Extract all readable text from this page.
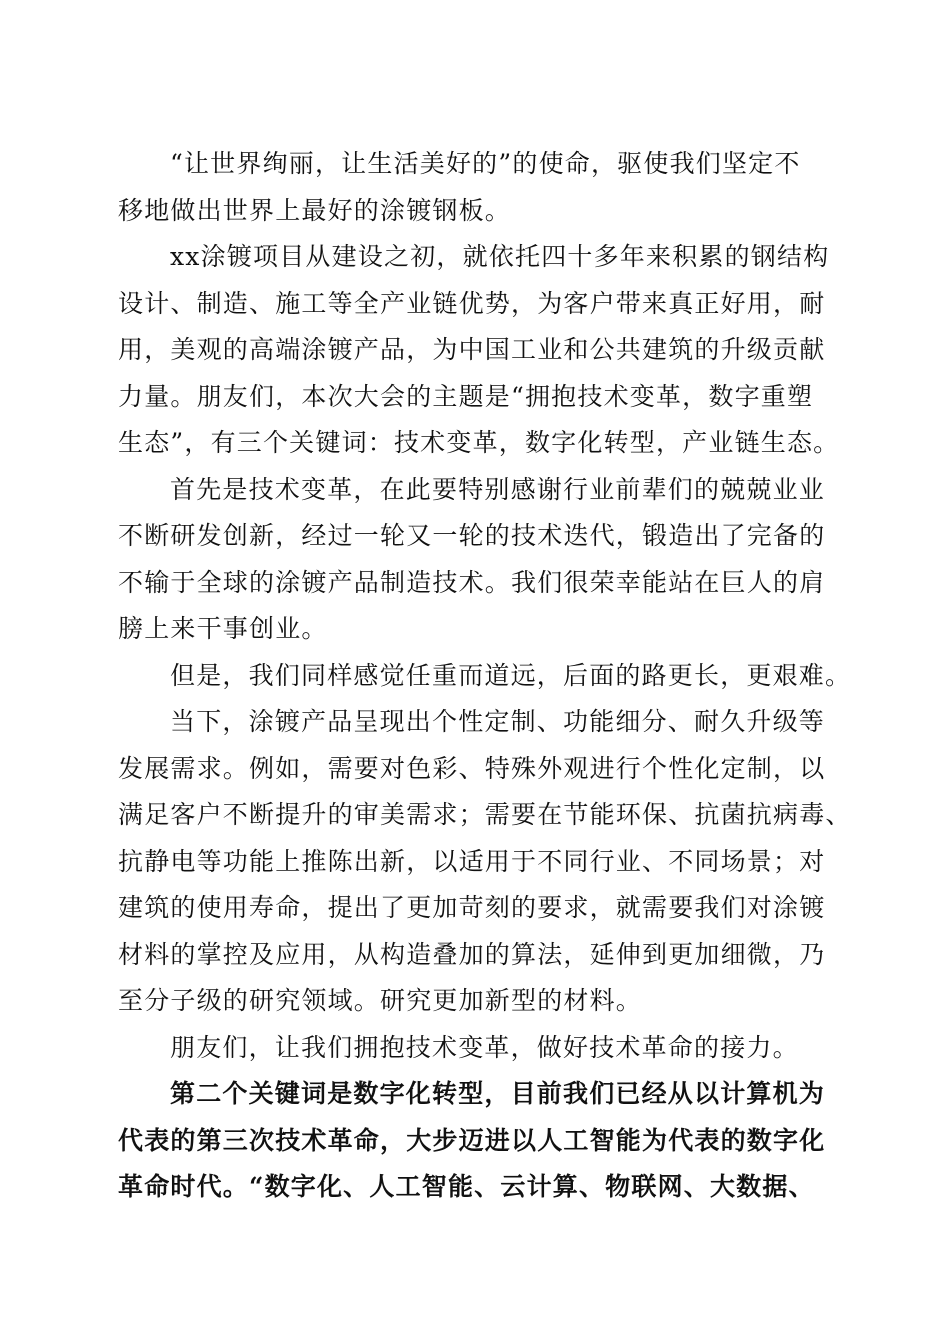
“让世界绚丽，让生活美好的”的使命，驱使我们坚定不
移地做出世界上最好的涂镀钢板。
xx涂镀项目从建设之初，就依托四十多年来积累的钢结构
设计、制造、施工等全产业链优势，为客户带来真正好用，耐
用，美观的高端涂镀产品，为中国工业和公共建筑的升级贡献
力量。朋友们，本次大会的主题是“拥抱技术变革，数字重塑
生态”，有三个关键词：技术变革，数字化转型，产业链生态。
首先是技术变革，在此要特别感谢行业前辈们的兢兢业业
不断研发创新，经过一轮又一轮的技术迭代，锻造出了完备的
不输于全球的涂镀产品制造技术。我们很荣幸能站在巨人的肩
膀上来干事创业。
但是，我们同样感觉任重而道远，后面的路更长，更艰难。
当下，涂镀产品呈现出个性定制、功能细分、耐久升级等
发展需求。例如，需要对色彩、特殊外观进行个性化定制，以
满足客户不断提升的审美需求；需要在节能环保、抗菌抗病毒、
抗静电等功能上推陈出新，以适用于不同行业、不同场景；对
建筑的使用寿命，提出了更加苛刻的要求，就需要我们对涂镀
材料的掌控及应用，从构造叠加的算法，延伸到更加细微，乃
至分子级的研究领域。研究更加新型的材料。
朋友们，让我们拥抱技术变革，做好技术革命的接力。
第二个关键词是数字化转型，目前我们已经从以计算机为
代表的第三次技术革命，大步迈进以人工智能为代表的数字化
革命时代。“数字化、人工智能、云计算、物联网、大数据、
